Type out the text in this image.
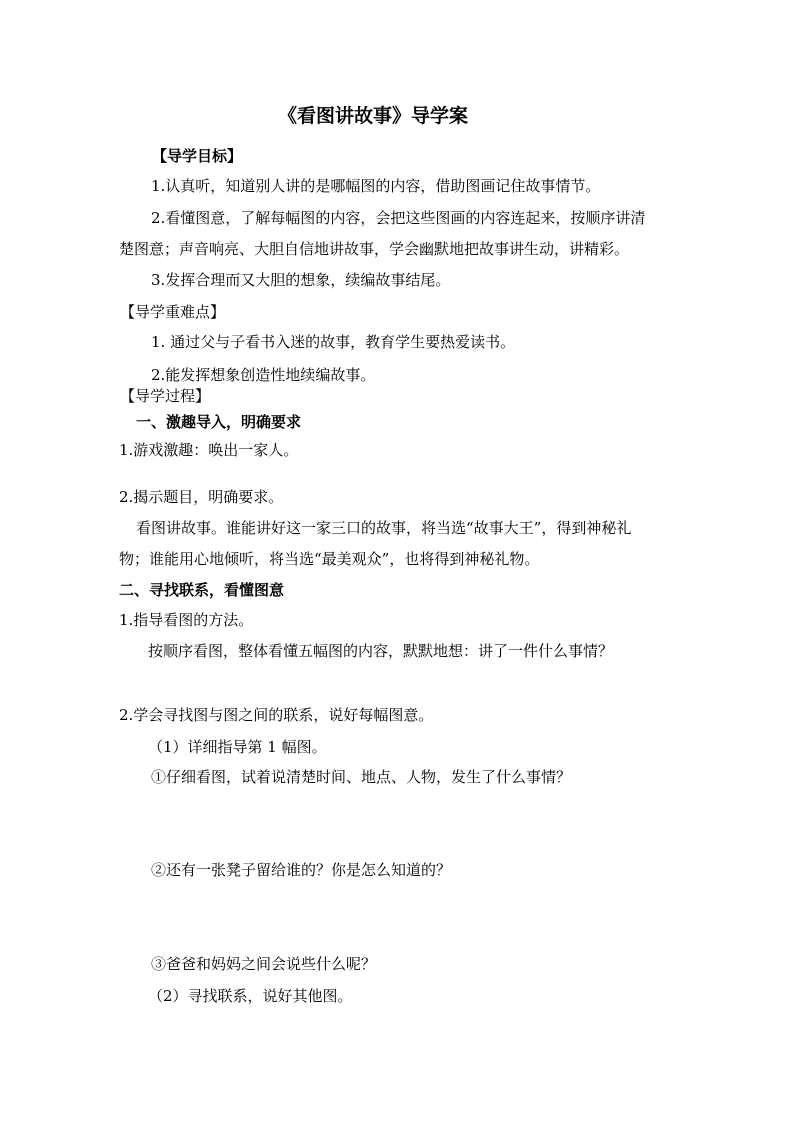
《看图讲故事》导学案
【导学目标】
1.认真听，知道别人讲的是哪幅图的内容，借助图画记住故事情节。
2.看懂图意，了解每幅图的内容，会把这些图画的内容连起来，按顺序讲清
楚图意；声音响亮、大胆自信地讲故事，学会幽默地把故事讲生动，讲精彩。
3.发挥合理而又大胆的想象，续编故事结尾。
【导学重难点】
1. 通过父与子看书入迷的故事，教育学生要热爱读书。
2.能发挥想象创造性地续编故事。
【导学过程】
一、激趣导入，明确要求
1.游戏激趣：唤出一家人。
2.揭示题目，明确要求。
看图讲故事。谁能讲好这一家三口的故事，将当选“故事大王”，得到神秘礼
物；谁能用心地倾听，将当选“最美观众”，也将得到神秘礼物。
二、寻找联系，看懂图意
1.指导看图的方法。
按顺序看图，整体看懂五幅图的内容，默默地想：讲了一件什么事情？
2.学会寻找图与图之间的联系，说好每幅图意。
（1）详细指导第 1 幅图。
①仔细看图，试着说清楚时间、地点、人物，发生了什么事情？
②还有一张凳子留给谁的？你是怎么知道的？
③爸爸和妈妈之间会说些什么呢？
（2）寻找联系，说好其他图。
